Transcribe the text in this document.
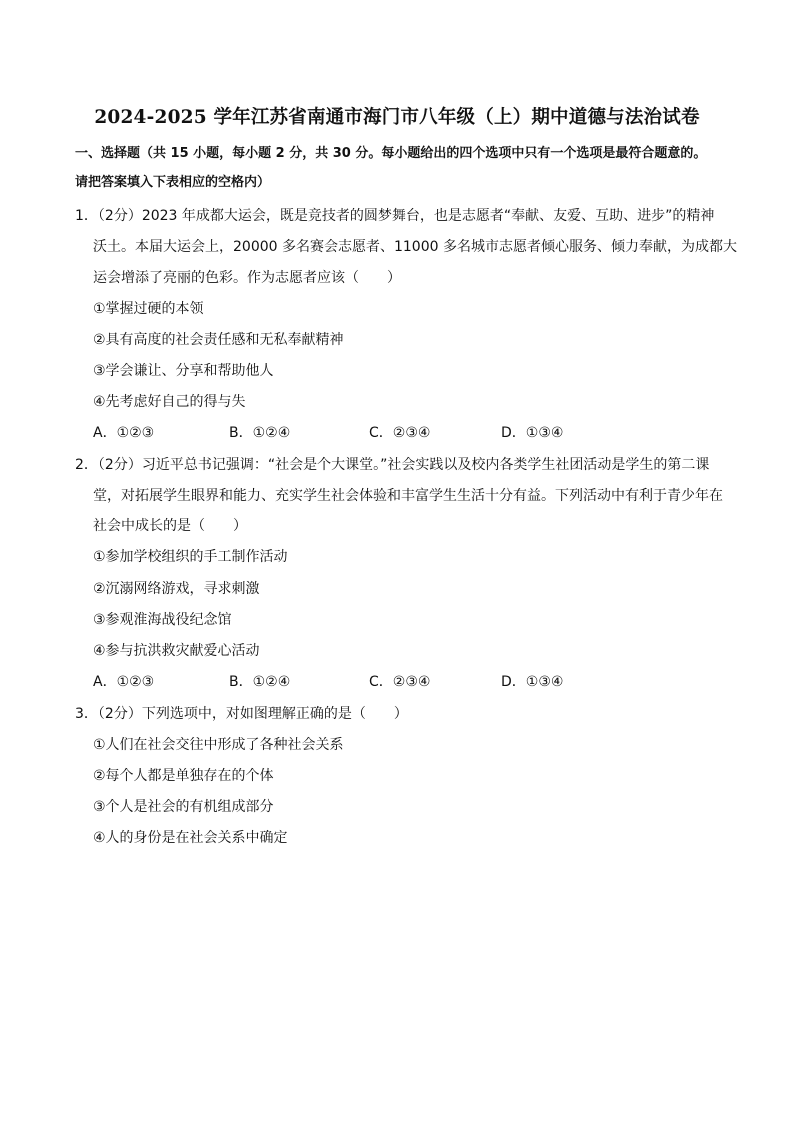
2024-2025 学年江苏省南通市海门市八年级（上）期中道德与法治试卷
一、选择题（共 15 小题，每小题 2 分，共 30 分。每小题给出的四个选项中只有一个选项是最符合题意的。
请把答案填入下表相应的空格内）
1．（2分）2023 年成都大运会，既是竞技者的圆梦舞台，也是志愿者“奉献、友爱、互助、进步”的精神
沃土。本届大运会上，20000 多名赛会志愿者、11000 多名城市志愿者倾心服务、倾力奉献，为成都大
运会增添了亮丽的色彩。作为志愿者应该（　　）
①掌握过硬的本领
②具有高度的社会责任感和无私奉献精神
③学会谦让、分享和帮助他人
④先考虑好自己的得与失
A．①②③	B．①②④	C．②③④	D．①③④
2．（2分）习近平总书记强调：“社会是个大课堂。”社会实践以及校内各类学生社团活动是学生的第二课
堂，对拓展学生眼界和能力、充实学生社会体验和丰富学生生活十分有益。下列活动中有利于青少年在
社会中成长的是（　　）
①参加学校组织的手工制作活动
②沉溺网络游戏，寻求刺激
③参观淮海战役纪念馆
④参与抗洪救灾献爱心活动
A．①②③	B．①②④	C．②③④	D．①③④
3．（2分）下列选项中，对如图理解正确的是（　　）
①人们在社会交往中形成了各种社会关系
②每个人都是单独存在的个体
③个人是社会的有机组成部分
④人的身份是在社会关系中确定
